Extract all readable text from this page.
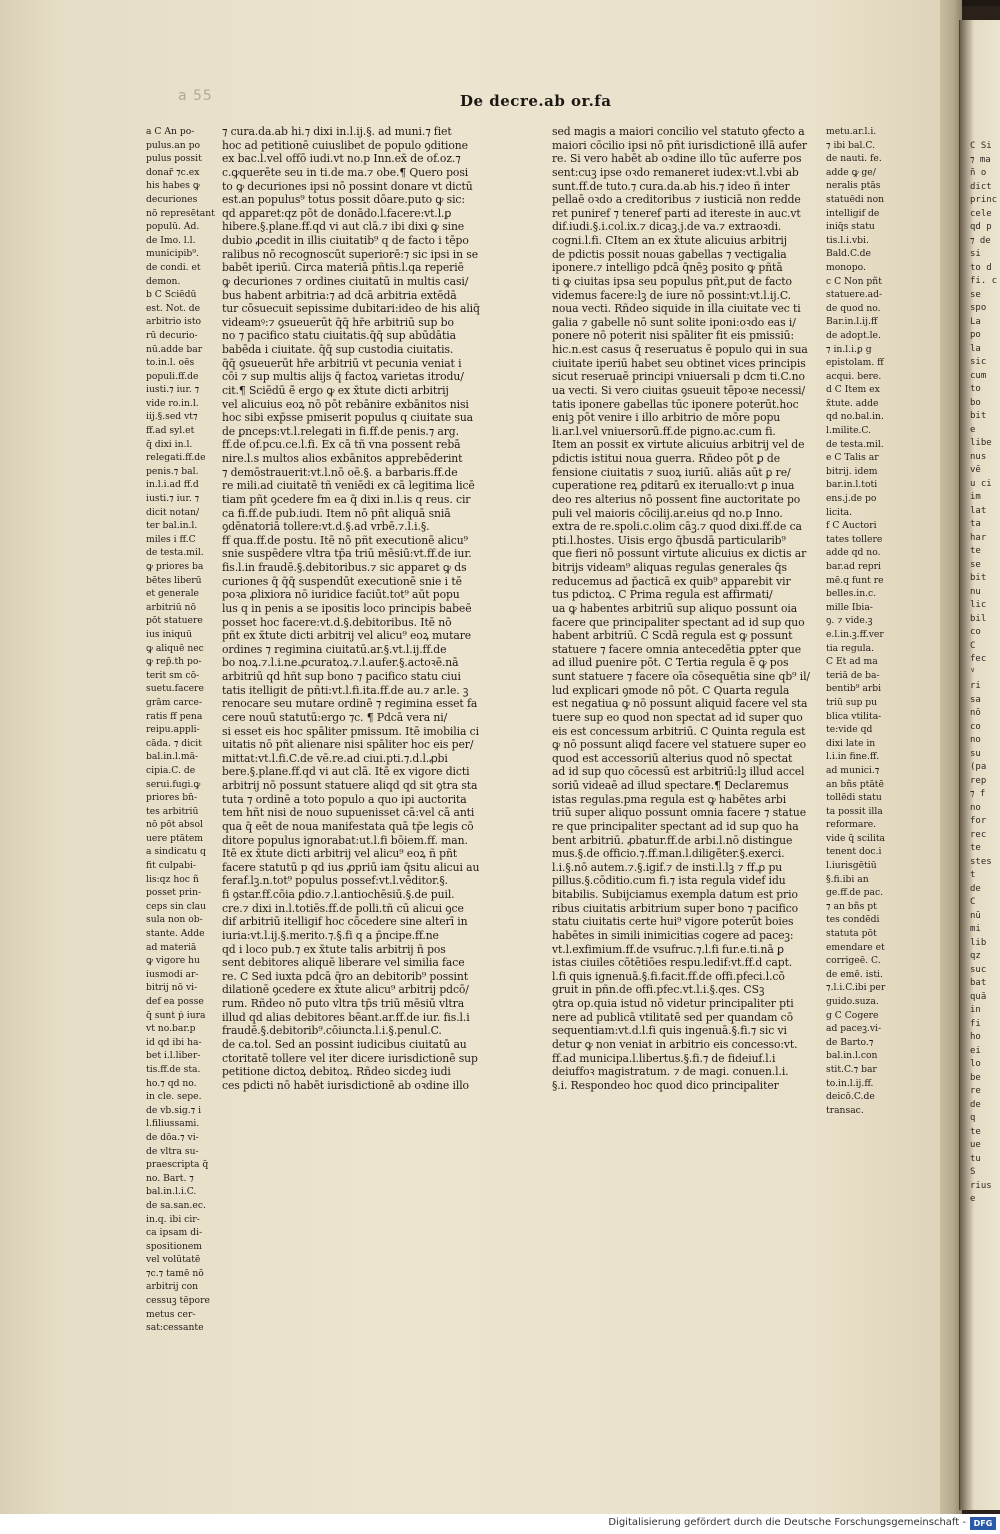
a 55	De decre.ab or.fa
a C An po-
pulus.an po
pulus possit
donar̃ ⁊c.ex
his habes ꝙ
decuriones
nō represētant
populū. Ad.
de Imo. l.l.
municipib⁹.
de condi. et
demon.
b C Sciēdū
est. Not. de
arbitrio isto
rū decurio-
nū.adde bar
to.in.l. oēs
populi.ff.de
iusti.⁊ iur. ⁊
vide ro.in.l.
iij.§.sed vt⁊
ff.ad syl.et
q̄ dixi in.l.
relegati.ff.de
penis.⁊ bal.
in.l.i.ad ff.d
iusti.⁊ iur. ⁊
dicit notan/
ter bal.in.l.
miles i ff.C
de testa.mil.
ꝙ priores ba
bētes liberū
et generale
arbitriū nō
pōt statuere
ius iniquū
ꝙ aliquē nec
ꝙ rep̃.th po-
terit sm cō-
suetu.facere
grām carce-
ratis ff pena
reipu.appli-
cāda. ⁊ dicit
bal.in.l.mā-
cipia.C. de
serui.fugi.ꝙ
priores bn̄-
tes arbitriū
nō pōt absol
uere ptātem
a sindicatu q
fit culpabi-
lis:qz hoc ñ
posset prin-
ceps sin clau
sula non ob-
stante. Adde
ad materiā
ꝙ vigore hu
iusmodi ar-
bitrij nō vi-
def ea posse
q̄ sunt ṗ iura
vt no.bar.p
id qd ibi ha-
bet i.l.liber-
tis.ff.de sta.
ho.⁊ qd no.
in cle. sepe.
de vb.sig.⁊ i
l.filiussami.
de dōa.⁊ vi-
de vltra su-
praescripta q̄
no. Bart. ⁊
bal.in.l.i.C.
de sa.san.ec.
in.q. ibi cir-
ca ipsam di-
spositionem
vel volūtatē
⁊c.⁊ tamē nō
arbitrij con
cessuꝫ tēpore
metus cer-
sat:cessante
⁊ cura.da.ab hi.⁊ dixi in.l.ij.§. ad muni.⁊ fiet
hoc ad petitionē cuiuslibet de populo ꝯditione
ex bac.l.vel offō iudi.vt no.p Inn.ex̄ de of.oz.⁊
c.ꝙquerēte seu in ti.de ma.⁊ obe.¶ Quero posi
to ꝙ decuriones ipsi nō possint donare vt dictū
est.an populus⁹ totus possit dōare.puto ꝙ sic:
qd apparet:qz pōt de donādo.l.facere:vt.l.ꝑ
hibere.§.plane.ff.qd vi aut clā.⁊ ibi dixi ꝙ sine
dubio ꝓcedit in illis ciuitatib⁹ q de facto i tēpo
ralibus nō recognoscūt superiorē:⁊ sic ipsi in se
babēt iperiū. Circa materiā pñtis.l.qa reperiē
ꝙ decuriones ⁊ ordines ciuitatū in multis casi/
bus habent arbitria:⁊ ad dcā arbitria extēdā
tur cōsuecuit sepissime dubitari:ideo de his aliq̄
videamꝰ:⁊ ꝯsueuerūt q̄q̄ hr̄e arbitriū sup bo
no ⁊ pacifico statu ciuitatis.q̄q̄ sup abūdātia
babēda i ciuitate. q̄q̄ sup custodia ciuitatis.
q̄q̄ ꝯsueuerūt hr̄e arbitriū vt pecunia veniat i
cōi ⁊ sup multis alijs q̄ factoꝝ varietas itrodu/
cit.¶ Sciēdū ē̄ ergo ꝙ ex x̄tute dicti arbitrij
vel alicuius eoꝝ nō pōt rebānire exbānitos nisi
hoc sibi exp̄sse pmiserit populus q ciuitate sua
de ꝑnceps:vt.l.relegati in fi.ff.de penis.⁊ arg.
ff.de of.pcu.ce.l.fi. Ex cā tñ vna possent rebā
nire.l.s multos alios exbānitos apprebēderint
⁊ demōstrauerit:vt.l.nō oē.§. a barbaris.ff.de
re mili.ad ciuitatē tñ veniēdi ex cā legitima licē
tiam pñt ꝯcedere fm ea q̄ dixi in.l.is q reus. cir
ca fi.ff.de pub.iudi. Item nō pñt aliquā sniā
ꝯdēnatoriā tollere:vt.d.§.ad vrbē.⁊.l.i.§.
ff qua.ff.de postu. Itē nō pñt executionē alicu⁹
snie suspēdere vltra tp̄a triū mēsiū:vt.ff.de iur.
fis.l.in fraudē.§.debitoribus.⁊ sic apparet ꝙ ds
curiones q̄ q̄q̄ suspendūt executionē snie i tē
poꝛa ꝓlixiora nō iuridice faciūt.tot⁹ aūt popu
lus q in penis a se ipositis loco principis babeē
posset hoc facere:vt.d.§.debitoribus. Itē nō
pñt ex x̄tute dicti arbitrij vel alicu⁹ eoꝝ mutare
ordines ⁊ regimina ciuitatū.ar.§.vt.l.ij.ff.de
bo noꝝ.⁊.l.i.ne.ꝓcuratoꝝ.⁊.l.aufer.§.actoꝛē.nā
arbitriū qd hñt sup bono ⁊ pacifico statu ciui
tatis itelligit de pñti:vt.l.fi.ita.ff.de au.⁊ ar.le. ꝫ
renocare seu mutare ordinē ⁊ regimina esset fa
cere nouū statutū:ergo ⁊c. ¶ Pdcā vera ni/
si esset eis hoc spāliter pmissum. Itē imobilia ci
uitatis nō pñt alienare nisi spāliter hoc eis per/
mittat:vt.l.fi.C.de vē.re.ad ciui.pti.⁊.d.l.ꝓbi
bere.§.plane.ff.qd vi aut clā. Itē ex vigore dicti
arbitrij nō possunt statuere aliqd qd sit ꝯtra sta
tuta ⁊ ordinē a toto populo a quo ipi auctorita
tem hñt nisi de nouo supuenisset cā:vel cā anti
qua q̄ eēt de noua manifestata quā tp̄e legis cō
ditore populus ignorabat:ut.l.fi bōiem.ff. man.
Itē ex x̄tute dicti arbitrij vel alicu⁹ eoꝝ ñ pñt
facere statutū p qd ius ꝓpriū iam q̄situ alicui au
feraf.lꝫ.n.tot⁹ populus possef:vt.l.vēditor.§.
fi ꝯstar.ff.cōia ꝑdio.⁊.l.antiochēsiū.§.de puil.
cre.⁊ dixi in.l.totiēs.ff.de polli.tñ cū alicui ꝯce
dif arbitriū itelligif hoc cōcedere sine alterī in
iuria:vt.l.ij.§.merito.⁊.§.fi q a p̄ncipe.ff.ne
qd i loco pub.⁊ ex x̄tute talis arbitrij ñ pos
sent debitores aliquē liberare vel similia face
re. C Sed iuxta pdcā q̄ro an debitorib⁹ possint
dilationē ꝯcedere ex x̄tute alicu⁹ arbitrij pdcō/
rum. Rñdeo nō puto vltra tp̄s triū mēsiū vltra
illud qd alias debitores bēant.ar.ff.de iur. fis.l.i
fraudē.§.debitorib⁹.cōiuncta.l.i.§.penul.C.
de ca.tol. Sed an possint iudicibus ciuitatū au
ctoritatē tollere vel iter dicere iurisdictionē sup
petitione dictoꝝ debitoꝝ. Rñdeo sicdeꝫ iudi
ces pdicti nō habēt iurisdictionē ab oꝛdine illo
sed magis a maiori concilio vel statuto ꝯfecto a
maiori cōcilio ipsi nō pñt iurisdictionē illā aufer
re. Si vero habēt ab oꝛdine illo tūc auferre pos
sent:cuꝫ ipse oꝛdo remaneret iudex:vt.l.vbi ab
sunt.ff.de tuto.⁊ cura.da.ab his.⁊ ideo ñ inter
pellaē oꝛdo a creditoribus ⁊ iusticiā non redde
ret puniref ⁊ teneref parti ad itereste in auc.vt
dif.iudi.§.i.col.ix.⁊ dicaꝫ.j.de va.⁊ extraoꝛdi.
cogni.l.fi. CItem an ex x̄tute alicuius arbitrij
de pdictis possit nouas gabellas ⁊ vectigalia
iponere.⁊ intelligo pdcā q̄nēꝫ posito ꝙ pñtā
ti ꝙ ciuitas ipsa seu populus pñt,put de facto
videmus facere:lꝫ de iure nō possint:vt.l.ij.C.
noua vecti. Rñdeo siquide in illa ciuitate vec ti
galia ⁊ gabelle nō sunt solite iponi:oꝛdo eas i/
ponere nō poterit nisi spāliter fit eis pmissiū:
hic.n.est casus q̄ reseruatus ē populo qui in sua
ciuitate iperiū habet seu obtinet vices principis
sicut reseruaē principi vniuersali p dcm ti.C.no
ua vecti. Si vero ciuitas ꝯsueuit tēpoꝛe necessi/
tatis iponere gabellas tūc iponere poterūt.hoc
eniꝫ pōt venire i illo arbitrio de mōre popu
li.ar.l.vel vniuersorū.ff.de pigno.ac.cum fi.
Item an possit ex virtute alicuius arbitrij vel de
pdictis istitui noua guerra. Rñdeo pōt ꝑ de
fensione ciuitatis ⁊ suoꝝ iuriū. aliās aūt ꝑ re/
cuperatione reꝝ ꝑditarū ex iteruallo:vt ꝑ inua
deo res alterius nō possent fine auctoritate po
puli vel maioris cōcilij.ar.eius qd no.p Inno.
extra de re.spoli.c.olim cāꝫ.⁊ quod dixi.ff.de ca
pti.l.hostes. Uisis ergo q̄busdā particularib⁹
que fieri nō possunt virtute alicuius ex dictis ar
bitrijs videam⁹ aliquas regulas generales q̄s
reducemus ad p̄acticā ex quib⁹ apparebit vir
tus pdictoꝝ. C Prima regula est affirmati/
ua ꝙ habentes arbitriū sup aliquo possunt oia
facere que principaliter spectant ad id sup quo
habent arbitriū. C Scdā regula est ꝙ possunt
statuere ⁊ facere omnia antecedētia ꝑpter que
ad illud ꝑuenire pōt. C Tertia regula ē ꝙ pos
sunt statuere ⁊ facere oīa cōsequētia sine qb⁹ il/
lud explicari ꝯmode nō pōt. C Quarta regula
est negatiua ꝙ nō possunt aliquid facere vel sta
tuere sup eo quod non spectat ad id super quo
eis est concessum arbitriū. C Quinta regula est
ꝙ nō possunt aliqd facere vel statuere super eo
quod est accessoriū alterius quod nō spectat
ad id sup quo cōcessū est arbitriū:lꝫ illud accel
soriū videaē ad illud spectare.¶ Declaremus
istas regulas.pma regula est ꝙ habētes arbi
triū super aliquo possunt omnia facere ⁊ statue
re que principaliter spectant ad id sup quo ha
bent arbitriū. ꝓbatur.ff.de arbi.l.nō distingue
mus.§.de officio.⁊.ff.man.l.diligēter.§.exerci.
l.i.§.nō autem.⁊.§.igif.⁊ de insti.l.lꝫ ⁊ ff.ꝓ pu
pillus.§.cōditio.cum fi.⁊ ista regula videf idu
bitabilis. Subijciamus exempla datum est prio
ribus ciuitatis arbitrium super bono ⁊ pacifico
statu ciuitatis certe hui⁹ vigore poterūt boies
habētes in simili inimicitias cogere ad paceꝫ:
vt.l.exfimium.ff.de vsufruc.⁊.l.fi fur.e.ti.nā ꝑ
istas ciuiles cōtētiōes respu.ledif:vt.ff.d capt.
l.fi quis ignenuā.§.fi.facit.ff.de offi.pfeci.l.cō
gruit in pñn.de offi.pfec.vt.l.i.§.qes. CSꝫ
ꝯtra op.quia istud nō videtur principaliter pti
nere ad publicā vtilitatē sed per quandam cō
sequentiam:vt.d.l.fi quis ingenuā.§.fi.⁊ sic vi
detur ꝙ non veniat in arbitrio eis concesso:vt.
ff.ad municipa.l.libertus.§.fi.⁊ de fideiuf.l.i
deiuffoꝛ magistratum. ⁊ de magi. conuen.l.i.
§.i. Respondeo hoc quod dico principaliter
metu.ar.l.i.
⁊ ibi bal.C.
de nauti. fe.
adde ꝙ ge/
neralis ptās
statuēdi non
intelligif de
iniq̄s statu
tis.l.i.vbi.
Bald.C.de
monopo.
c C Non pñt
statuere.ad-
de quod no.
Bar.in.l.ij.ff
de adopt.le.
⁊ in.l.i.ꝑ g
epistolam. ff
acqui. bere.
d C Item ex
x̄tute. adde
qd no.bal.in.
l.milite.C.
de testa.mil.
e C Talis ar
bitrij. idem
bar.in.l.toti
ens.j.de po
licita.
f C Auctori
tates tollere
adde qd no.
bar.ad repri
mē.q funt re
belles.in.c.
mille Ibia-
ꝯ. ⁊ vide.ꝫ
e.l.in.ꝫ.ff.ver
tia regula.
C Et ad ma
teriā de ba-
bentib⁹ arbi
triū sup pu
blica vtilita-
te:vide qd
dixi late in
l.i.in fine.ff.
ad munici.⁊
an bñs ptātē
tollēdi statu
ta possit illa
reformare.
vide q̄ scilita
tenent doc.i
l.iurisgētiū
§.fi.ibi an
ge.ff.de pac.
⁊ an bñs pt
tes condēdi
statuta pōt
emendare et
corrigeē. C.
de emē. isti.
⁊.l.i.C.ibi per
guido.suza.
g C Cogere
ad paceꝫ.vi-
de Barto.⁊
bal.in.l.con
stit.C.⁊ bar
to.in.l.ij.ff.
deicō.C.de
transac.
C Si
⁊ ma
ñ o
dict
princ
cele
qd p
⁊ de
si
to d
fi. c
se
spo
La
po
la
sic
cum
to
bo
bit
e
libe
nus
vē
u ci
im
lat
ta
har
te
se
bit
nu
lic
bil
co
C
fec
ⱽ
ri
sa
nō
co
no
su
(pa
rep
⁊ f
no
for
rec
te
stes
t
de
C
nū
mi
lib
qz
suc
bat
quā
in
fi
ho
ei
lo
be
re
de
q
te
ue
tu
S
rius
e
Digitalisierung gefördert durch die Deutsche Forschungsgemeinschaft - DFG
